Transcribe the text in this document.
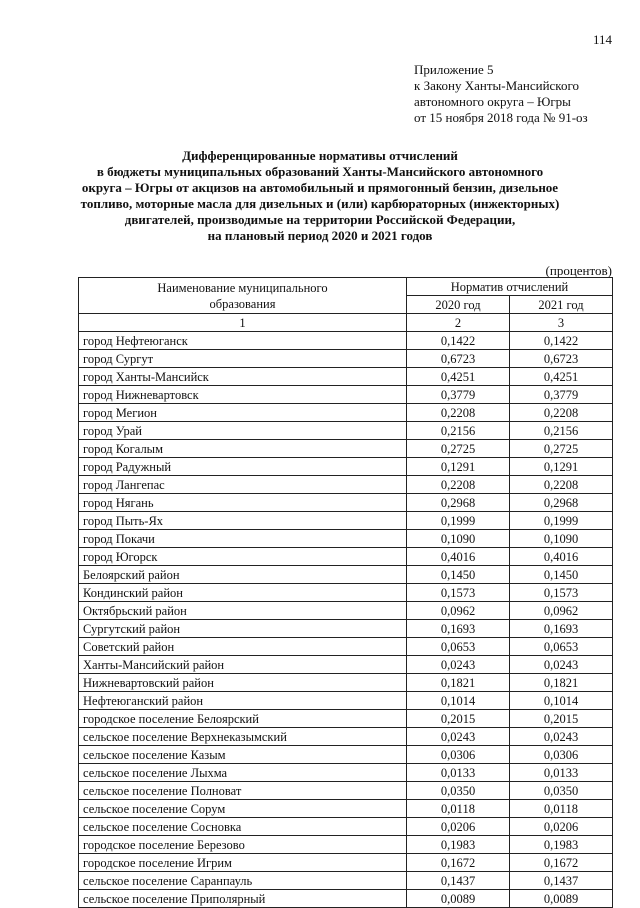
114
Приложение 5
к Закону Ханты-Мансийского
автономного округа – Югры
от 15 ноября 2018 года № 91-оз
Дифференцированные нормативы отчислений
в бюджеты муниципальных образований Ханты-Мансийского автономного
округа – Югры от акцизов на автомобильный и прямогонный бензин, дизельное
топливо, моторные масла для дизельных и (или) карбюраторных (инжекторных)
двигателей, производимые на территории Российской Федерации,
на плановый период 2020 и 2021 годов
(процентов)
Наименование муниципального
образования	Норматив отчислений	
	2020 год	2021 год
1	2	3
город Нефтеюганск	0,1422	0,1422
город Сургут	0,6723	0,6723
город Ханты-Мансийск	0,4251	0,4251
город Нижневартовск	0,3779	0,3779
город Мегион	0,2208	0,2208
город Урай	0,2156	0,2156
город Когалым	0,2725	0,2725
город Радужный	0,1291	0,1291
город Лангепас	0,2208	0,2208
город Нягань	0,2968	0,2968
город Пыть-Ях	0,1999	0,1999
город Покачи	0,1090	0,1090
город Югорск	0,4016	0,4016
Белоярский район	0,1450	0,1450
Кондинский район	0,1573	0,1573
Октябрьский район	0,0962	0,0962
Сургутский район	0,1693	0,1693
Советский район	0,0653	0,0653
Ханты-Мансийский район	0,0243	0,0243
Нижневартовский район	0,1821	0,1821
Нефтеюганский район	0,1014	0,1014
городское поселение Белоярский	0,2015	0,2015
сельское поселение Верхнеказымский	0,0243	0,0243
сельское поселение Казым	0,0306	0,0306
сельское поселение Лыхма	0,0133	0,0133
сельское поселение Полноват	0,0350	0,0350
сельское поселение Сорум	0,0118	0,0118
сельское поселение Сосновка	0,0206	0,0206
городское поселение Березово	0,1983	0,1983
городское поселение Игрим	0,1672	0,1672
сельское поселение Саранпауль	0,1437	0,1437
сельское поселение Приполярный	0,0089	0,0089
